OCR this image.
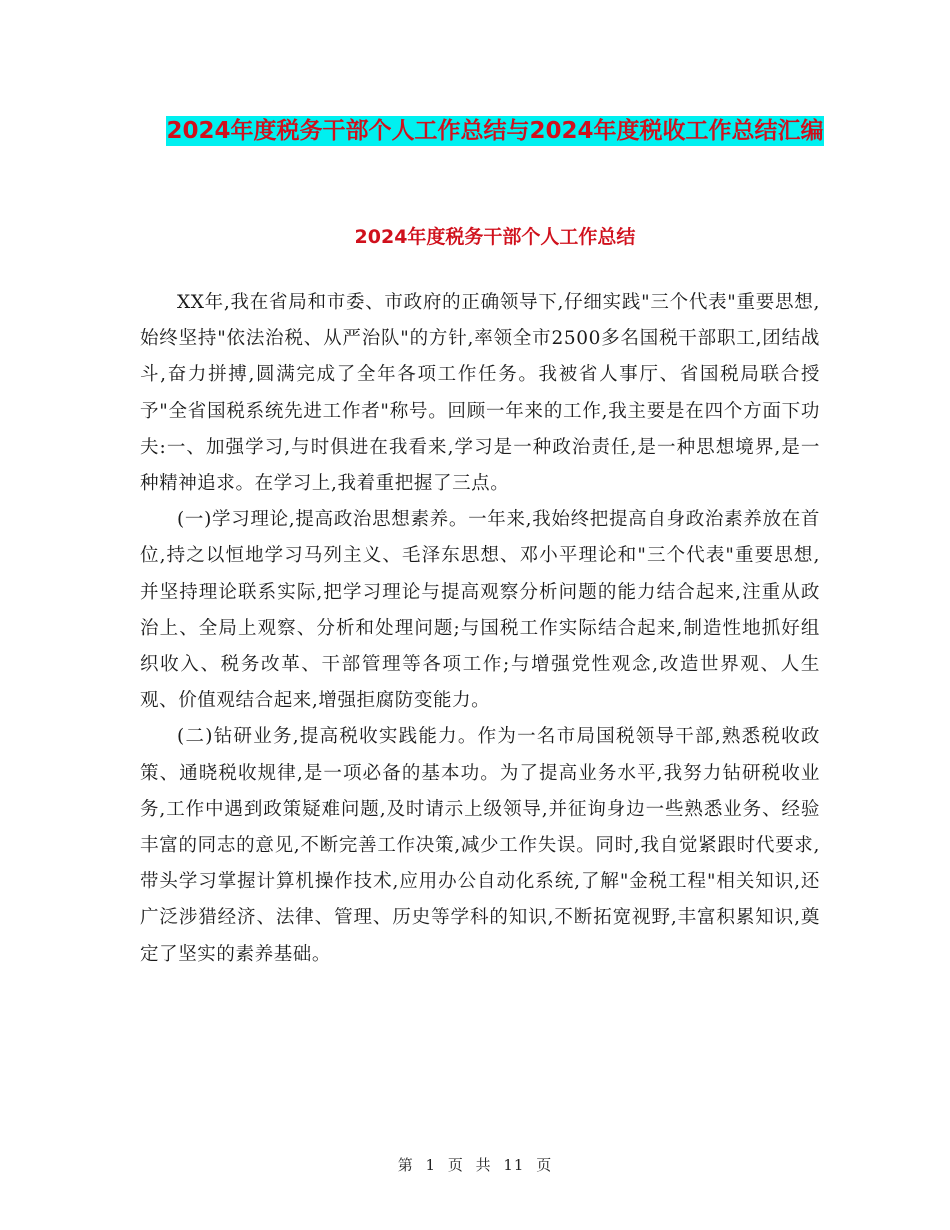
2024年度税务干部个人工作总结与2024年度税收工作总结汇编
2024年度税务干部个人工作总结

XX年,我在省局和市委、市政府的正确领导下,仔细实践"三个代表"重要思想,始终坚持"依法治税、从严治队"的方针,率领全市2500多名国税干部职工,团结战斗,奋力拼搏,圆满完成了全年各项工作任务。我被省人事厅、省国税局联合授予"全省国税系统先进工作者"称号。回顾一年来的工作,我主要是在四个方面下功夫:一、加强学习,与时俱进在我看来,学习是一种政治责任,是一种思想境界,是一种精神追求。在学习上,我着重把握了三点。

(一)学习理论,提高政治思想素养。一年来,我始终把提高自身政治素养放在首位,持之以恒地学习马列主义、毛泽东思想、邓小平理论和"三个代表"重要思想,并坚持理论联系实际,把学习理论与提高观察分析问题的能力结合起来,注重从政治上、全局上观察、分析和处理问题;与国税工作实际结合起来,制造性地抓好组织收入、税务改革、干部管理等各项工作;与增强党性观念,改造世界观、人生观、价值观结合起来,增强拒腐防变能力。

(二)钻研业务,提高税收实践能力。作为一名市局国税领导干部,熟悉税收政策、通晓税收规律,是一项必备的基本功。为了提高业务水平,我努力钻研税收业务,工作中遇到政策疑难问题,及时请示上级领导,并征询身边一些熟悉业务、经验丰富的同志的意见,不断完善工作决策,减少工作失误。同时,我自觉紧跟时代要求,带头学习掌握计算机操作技术,应用办公自动化系统,了解"金税工程"相关知识,还广泛涉猎经济、法律、管理、历史等学科的知识,不断拓宽视野,丰富积累知识,奠定了坚实的素养基础。

第 1 页 共 11 页
